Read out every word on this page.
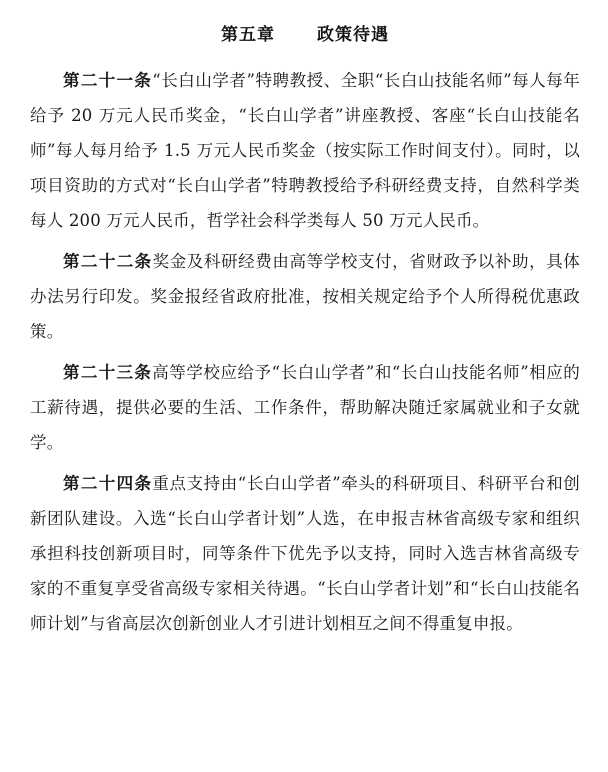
第五章 政策待遇

第二十一条“长白山学者”特聘教授、全职“长白山技能名师”每人每年给予 20 万元人民币奖金，“长白山学者”讲座教授、客座“长白山技能名师”每人每月给予 1.5 万元人民币奖金（按实际工作时间支付）。同时，以项目资助的方式对“长白山学者”特聘教授给予科研经费支持，自然科学类每人 200 万元人民币，哲学社会科学类每人 50 万元人民币。

第二十二条奖金及科研经费由高等学校支付，省财政予以补助，具体办法另行印发。奖金报经省政府批准，按相关规定给予个人所得税优惠政策。

第二十三条高等学校应给予“长白山学者”和“长白山技能名师”相应的工薪待遇，提供必要的生活、工作条件，帮助解决随迁家属就业和子女就学。

第二十四条重点支持由“长白山学者”牵头的科研项目、科研平台和创新团队建设。入选“长白山学者计划”人选，在申报吉林省高级专家和组织承担科技创新项目时，同等条件下优先予以支持，同时入选吉林省高级专家的不重复享受省高级专家相关待遇。“长白山学者计划”和“长白山技能名师计划”与省高层次创新创业人才引进计划相互之间不得重复申报。
